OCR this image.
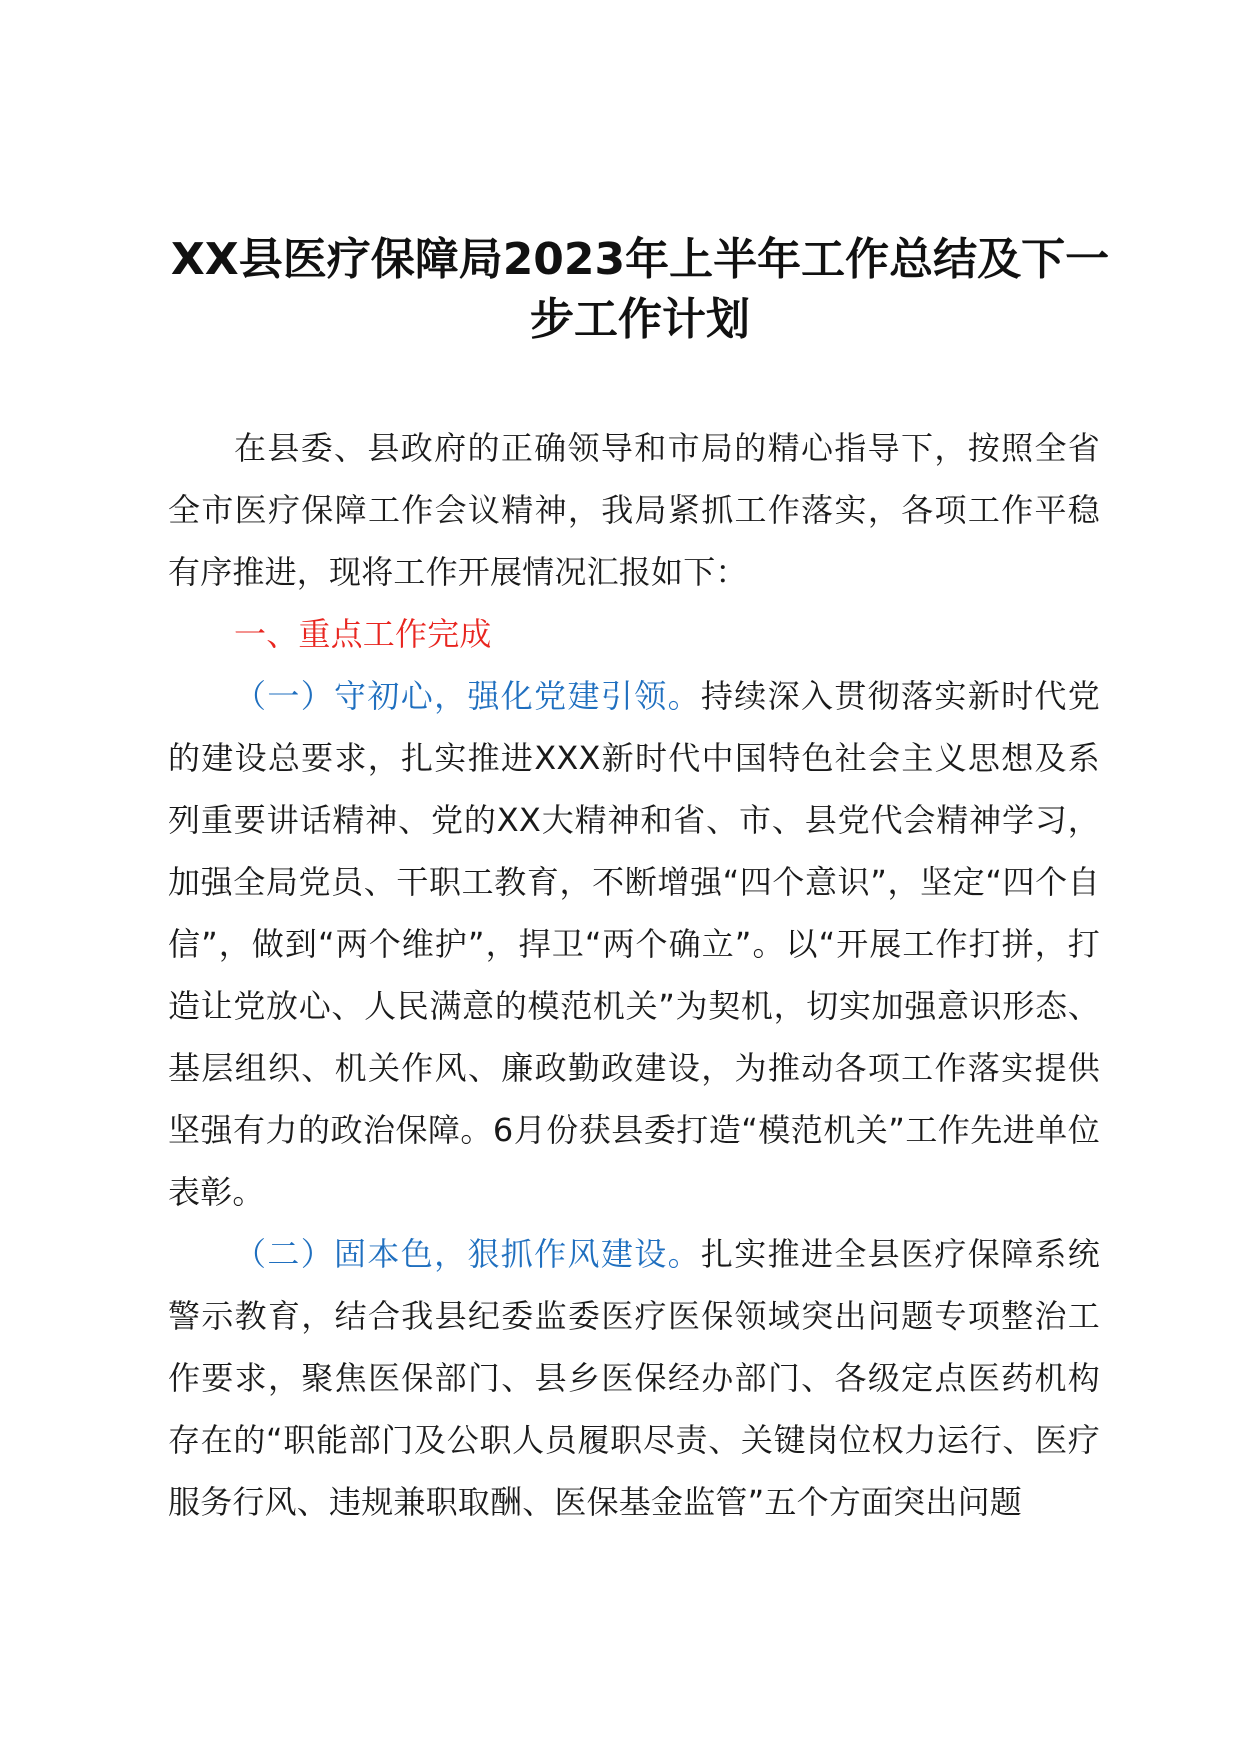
XX县医疗保障局2023年上半年工作总结及下一步工作计划

在县委、县政府的正确领导和市局的精心指导下，按照全省全市医疗保障工作会议精神，我局紧抓工作落实，各项工作平稳有序推进，现将工作开展情况汇报如下：

一、重点工作完成

（一）守初心，强化党建引领。持续深入贯彻落实新时代党的建设总要求，扎实推进XXX新时代中国特色社会主义思想及系列重要讲话精神、党的XX大精神和省、市、县党代会精神学习，加强全局党员、干职工教育，不断增强“四个意识”，坚定“四个自信”，做到“两个维护”，捍卫“两个确立”。以“开展工作打拼，打造让党放心、人民满意的模范机关”为契机，切实加强意识形态、基层组织、机关作风、廉政勤政建设，为推动各项工作落实提供坚强有力的政治保障。6月份获县委打造“模范机关”工作先进单位表彰。

（二）固本色，狠抓作风建设。扎实推进全县医疗保障系统警示教育，结合我县纪委监委医疗医保领域突出问题专项整治工作要求，聚焦医保部门、县乡医保经办部门、各级定点医药机构存在的“职能部门及公职人员履职尽责、关键岗位权力运行、医疗服务行风、违规兼职取酬、医保基金监管”五个方面突出问题
